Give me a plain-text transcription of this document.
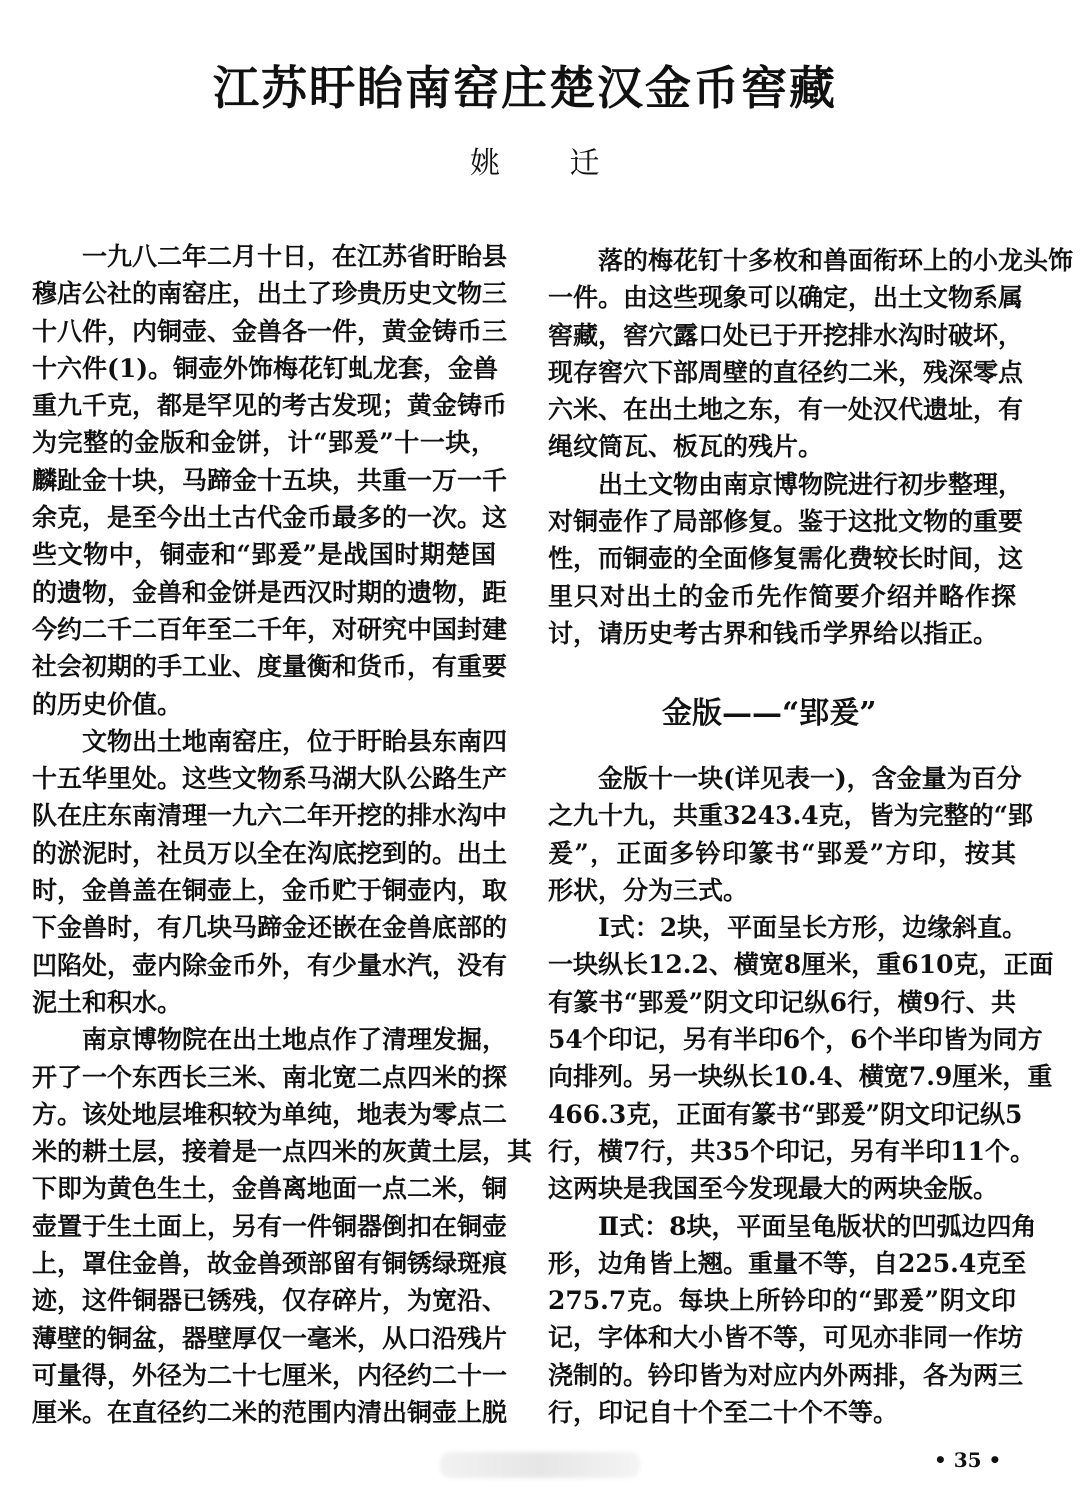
江苏盱眙南窑庄楚汉金币窖藏
姚 迁
一九八二年二月十日，在江苏省盱眙县
穆店公社的南窑庄，出土了珍贵历史文物三
十八件，内铜壶、金兽各一件，黄金铸币三
十六件(1)。铜壶外饰梅花钉虬龙套，金兽
重九千克，都是罕见的考古发现；黄金铸币
为完整的金版和金饼，计“郢爰”十一块，
麟趾金十块，马蹄金十五块，共重一万一千
余克，是至今出土古代金币最多的一次。这
些文物中，铜壶和“郢爰”是战国时期楚国
的遗物，金兽和金饼是西汉时期的遗物，距
今约二千二百年至二千年，对研究中国封建
社会初期的手工业、度量衡和货币，有重要
的历史价值。
文物出土地南窑庄，位于盱眙县东南四
十五华里处。这些文物系马湖大队公路生产
队在庄东南清理一九六二年开挖的排水沟中
的淤泥时，社员万以全在沟底挖到的。出土
时，金兽盖在铜壶上，金币贮于铜壶内，取
下金兽时，有几块马蹄金还嵌在金兽底部的
凹陷处，壶内除金币外，有少量水汽，没有
泥土和积水。
南京博物院在出土地点作了清理发掘，
开了一个东西长三米、南北宽二点四米的探
方。该处地层堆积较为单纯，地表为零点二
米的耕土层，接着是一点四米的灰黄土层，其
下即为黄色生土，金兽离地面一点二米，铜
壶置于生土面上，另有一件铜器倒扣在铜壶
上，罩住金兽，故金兽颈部留有铜锈绿斑痕
迹，这件铜器已锈残，仅存碎片，为宽沿、
薄壁的铜盆，器壁厚仅一毫米，从口沿残片
可量得，外径为二十七厘米，内径约二十一
厘米。在直径约二米的范围内清出铜壶上脱
落的梅花钉十多枚和兽面衔环上的小龙头饰
一件。由这些现象可以确定，出土文物系属
窖藏，窖穴露口处已于开挖排水沟时破坏，
现存窖穴下部周壁的直径约二米，残深零点
六米、在出土地之东，有一处汉代遗址，有
绳纹筒瓦、板瓦的残片。
出土文物由南京博物院进行初步整理，
对铜壶作了局部修复。鉴于这批文物的重要
性，而铜壶的全面修复需化费较长时间，这
里只对出土的金币先作简要介绍并略作探
讨，请历史考古界和钱币学界给以指正。
金版——“郢爰”
金版十一块(详见表一)，含金量为百分
之九十九，共重3243.4克，皆为完整的“郢
爰”，正面多钤印篆书“郢爰”方印，按其
形状，分为三式。
Ⅰ式：2块，平面呈长方形，边缘斜直。
一块纵长12.2、横宽8厘米，重610克，正面
有篆书“郢爰”阴文印记纵6行，横9行、共
54个印记，另有半印6个，6个半印皆为同方
向排列。另一块纵长10.4、横宽7.9厘米，重
466.3克，正面有篆书“郢爰”阴文印记纵5
行，横7行，共35个印记，另有半印11个。
这两块是我国至今发现最大的两块金版。
Ⅱ式：8块，平面呈龟版状的凹弧边四角
形，边角皆上翘。重量不等，自225.4克至
275.7克。每块上所钤印的“郢爰”阴文印
记，字体和大小皆不等，可见亦非同一作坊
浇制的。钤印皆为对应内外两排，各为两三
行，印记自十个至二十个不等。
• 35 •
